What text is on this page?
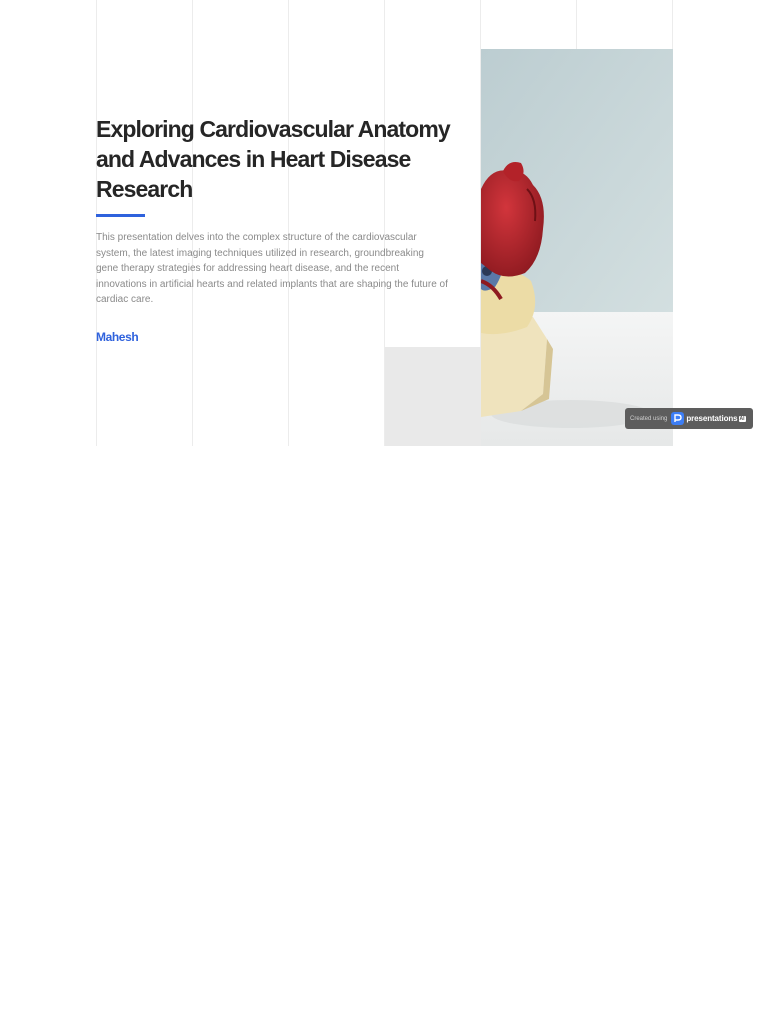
Exploring Cardiovascular Anatomy and Advances in Heart Disease Research

This presentation delves into the complex structure of the cardiovascular system, the latest imaging techniques utilized in research, groundbreaking gene therapy strategies for addressing heart disease, and the recent innovations in artificial hearts and related implants that are shaping the future of cardiac care.

Mahesh
Created using presentations AI
